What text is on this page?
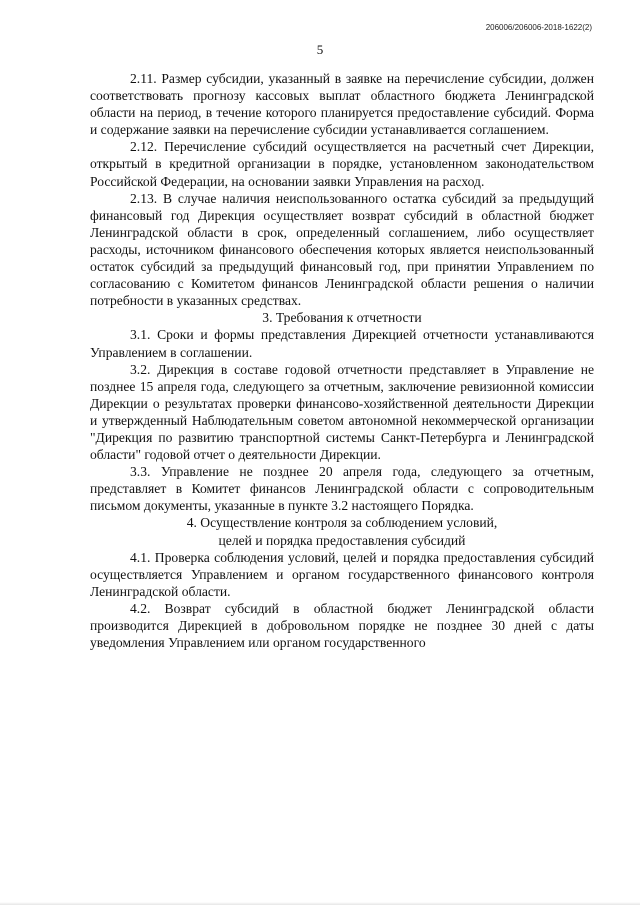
206006/206006-2018-1622(2)
5

2.11. Размер субсидии, указанный в заявке на перечисление субсидии, должен соответствовать прогнозу кассовых выплат областного бюджета Ленинградской области на период, в течение которого планируется предоставление субсидий. Форма и содержание заявки на перечисление субсидии устанавливается соглашением.

2.12. Перечисление субсидий осуществляется на расчетный счет Дирекции, открытый в кредитной организации в порядке, установленном законодательством Российской Федерации, на основании заявки Управления на расход.

2.13. В случае наличия неиспользованного остатка субсидий за предыдущий финансовый год Дирекция осуществляет возврат субсидий в областной бюджет Ленинградской области в срок, определенный соглашением, либо осуществляет расходы, источником финансового обеспечения которых является неиспользованный остаток субсидий за предыдущий финансовый год, при принятии Управлением по согласованию с Комитетом финансов Ленинградской области решения о наличии потребности в указанных средствах.

3. Требования к отчетности

3.1. Сроки и формы представления Дирекцией отчетности устанавливаются Управлением в соглашении.

3.2. Дирекция в составе годовой отчетности представляет в Управление не позднее 15 апреля года, следующего за отчетным, заключение ревизионной комиссии Дирекции о результатах проверки финансово-хозяйственной деятельности Дирекции и утвержденный Наблюдательным советом автономной некоммерческой организации "Дирекция по развитию транспортной системы Санкт-Петербурга и Ленинградской области" годовой отчет о деятельности Дирекции.

3.3. Управление не позднее 20 апреля года, следующего за отчетным, представляет в Комитет финансов Ленинградской области с сопроводительным письмом документы, указанные в пункте 3.2 настоящего Порядка.

4. Осуществление контроля за соблюдением условий,
целей и порядка предоставления субсидий

4.1. Проверка соблюдения условий, целей и порядка предоставления субсидий осуществляется Управлением и органом государственного финансового контроля Ленинградской области.

4.2. Возврат субсидий в областной бюджет Ленинградской области производится Дирекцией в добровольном порядке не позднее 30 дней с даты уведомления Управлением или органом государственного
